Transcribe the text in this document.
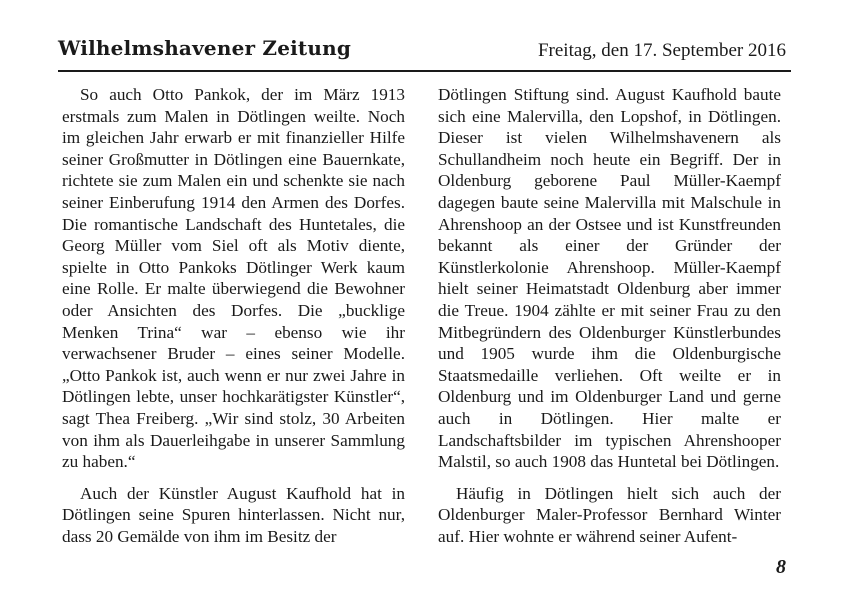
Wilhelmshavener Zeitung	Freitag, den 17. September 2016

So auch Otto Pankok, der im März 1913 erstmals zum Malen in Dötlingen weilte. Noch im gleichen Jahr erwarb er mit finanzieller Hilfe seiner Großmutter in Dötlingen eine Bauernkate, richtete sie zum Malen ein und schenkte sie nach seiner Einberufung 1914 den Armen des Dorfes. Die romantische Landschaft des Huntetales, die Georg Müller vom Siel oft als Motiv diente, spielte in Otto Pankoks Dötlinger Werk kaum eine Rolle. Er malte überwiegend die Bewohner oder Ansichten des Dorfes. Die „bucklige Menken Trina“ war – ebenso wie ihr verwachsener Bruder – eines seiner Modelle. „Otto Pankok ist, auch wenn er nur zwei Jahre in Dötlingen lebte, unser hochkarätigster Künstler“, sagt Thea Freiberg. „Wir sind stolz, 30 Arbeiten von ihm als Dauerleihgabe in unserer Sammlung zu haben.“

Auch der Künstler August Kaufhold hat in Dötlingen seine Spuren hinterlassen. Nicht nur, dass 20 Gemälde von ihm im Besitz der

Dötlingen Stiftung sind. August Kaufhold baute sich eine Malervilla, den Lopshof, in Dötlingen. Dieser ist vielen Wilhelmshavenern als Schullandheim noch heute ein Begriff. Der in Oldenburg geborene Paul Müller-Kaempf dagegen baute seine Malervilla mit Malschule in Ahrenshoop an der Ostsee und ist Kunstfreunden bekannt als einer der Gründer der Künstlerkolonie Ahrenshoop. Müller-Kaempf hielt seiner Heimatstadt Oldenburg aber immer die Treue. 1904 zählte er mit seiner Frau zu den Mitbegründern des Oldenburger Künstlerbundes und 1905 wurde ihm die Oldenburgische Staatsmedaille verliehen. Oft weilte er in Oldenburg und im Oldenburger Land und gerne auch in Dötlingen. Hier malte er Landschaftsbilder im typischen Ahrenshooper Malstil, so auch 1908 das Huntetal bei Dötlingen.

Häufig in Dötlingen hielt sich auch der Oldenburger Maler-Professor Bernhard Winter auf. Hier wohnte er während seiner Aufent-

8
